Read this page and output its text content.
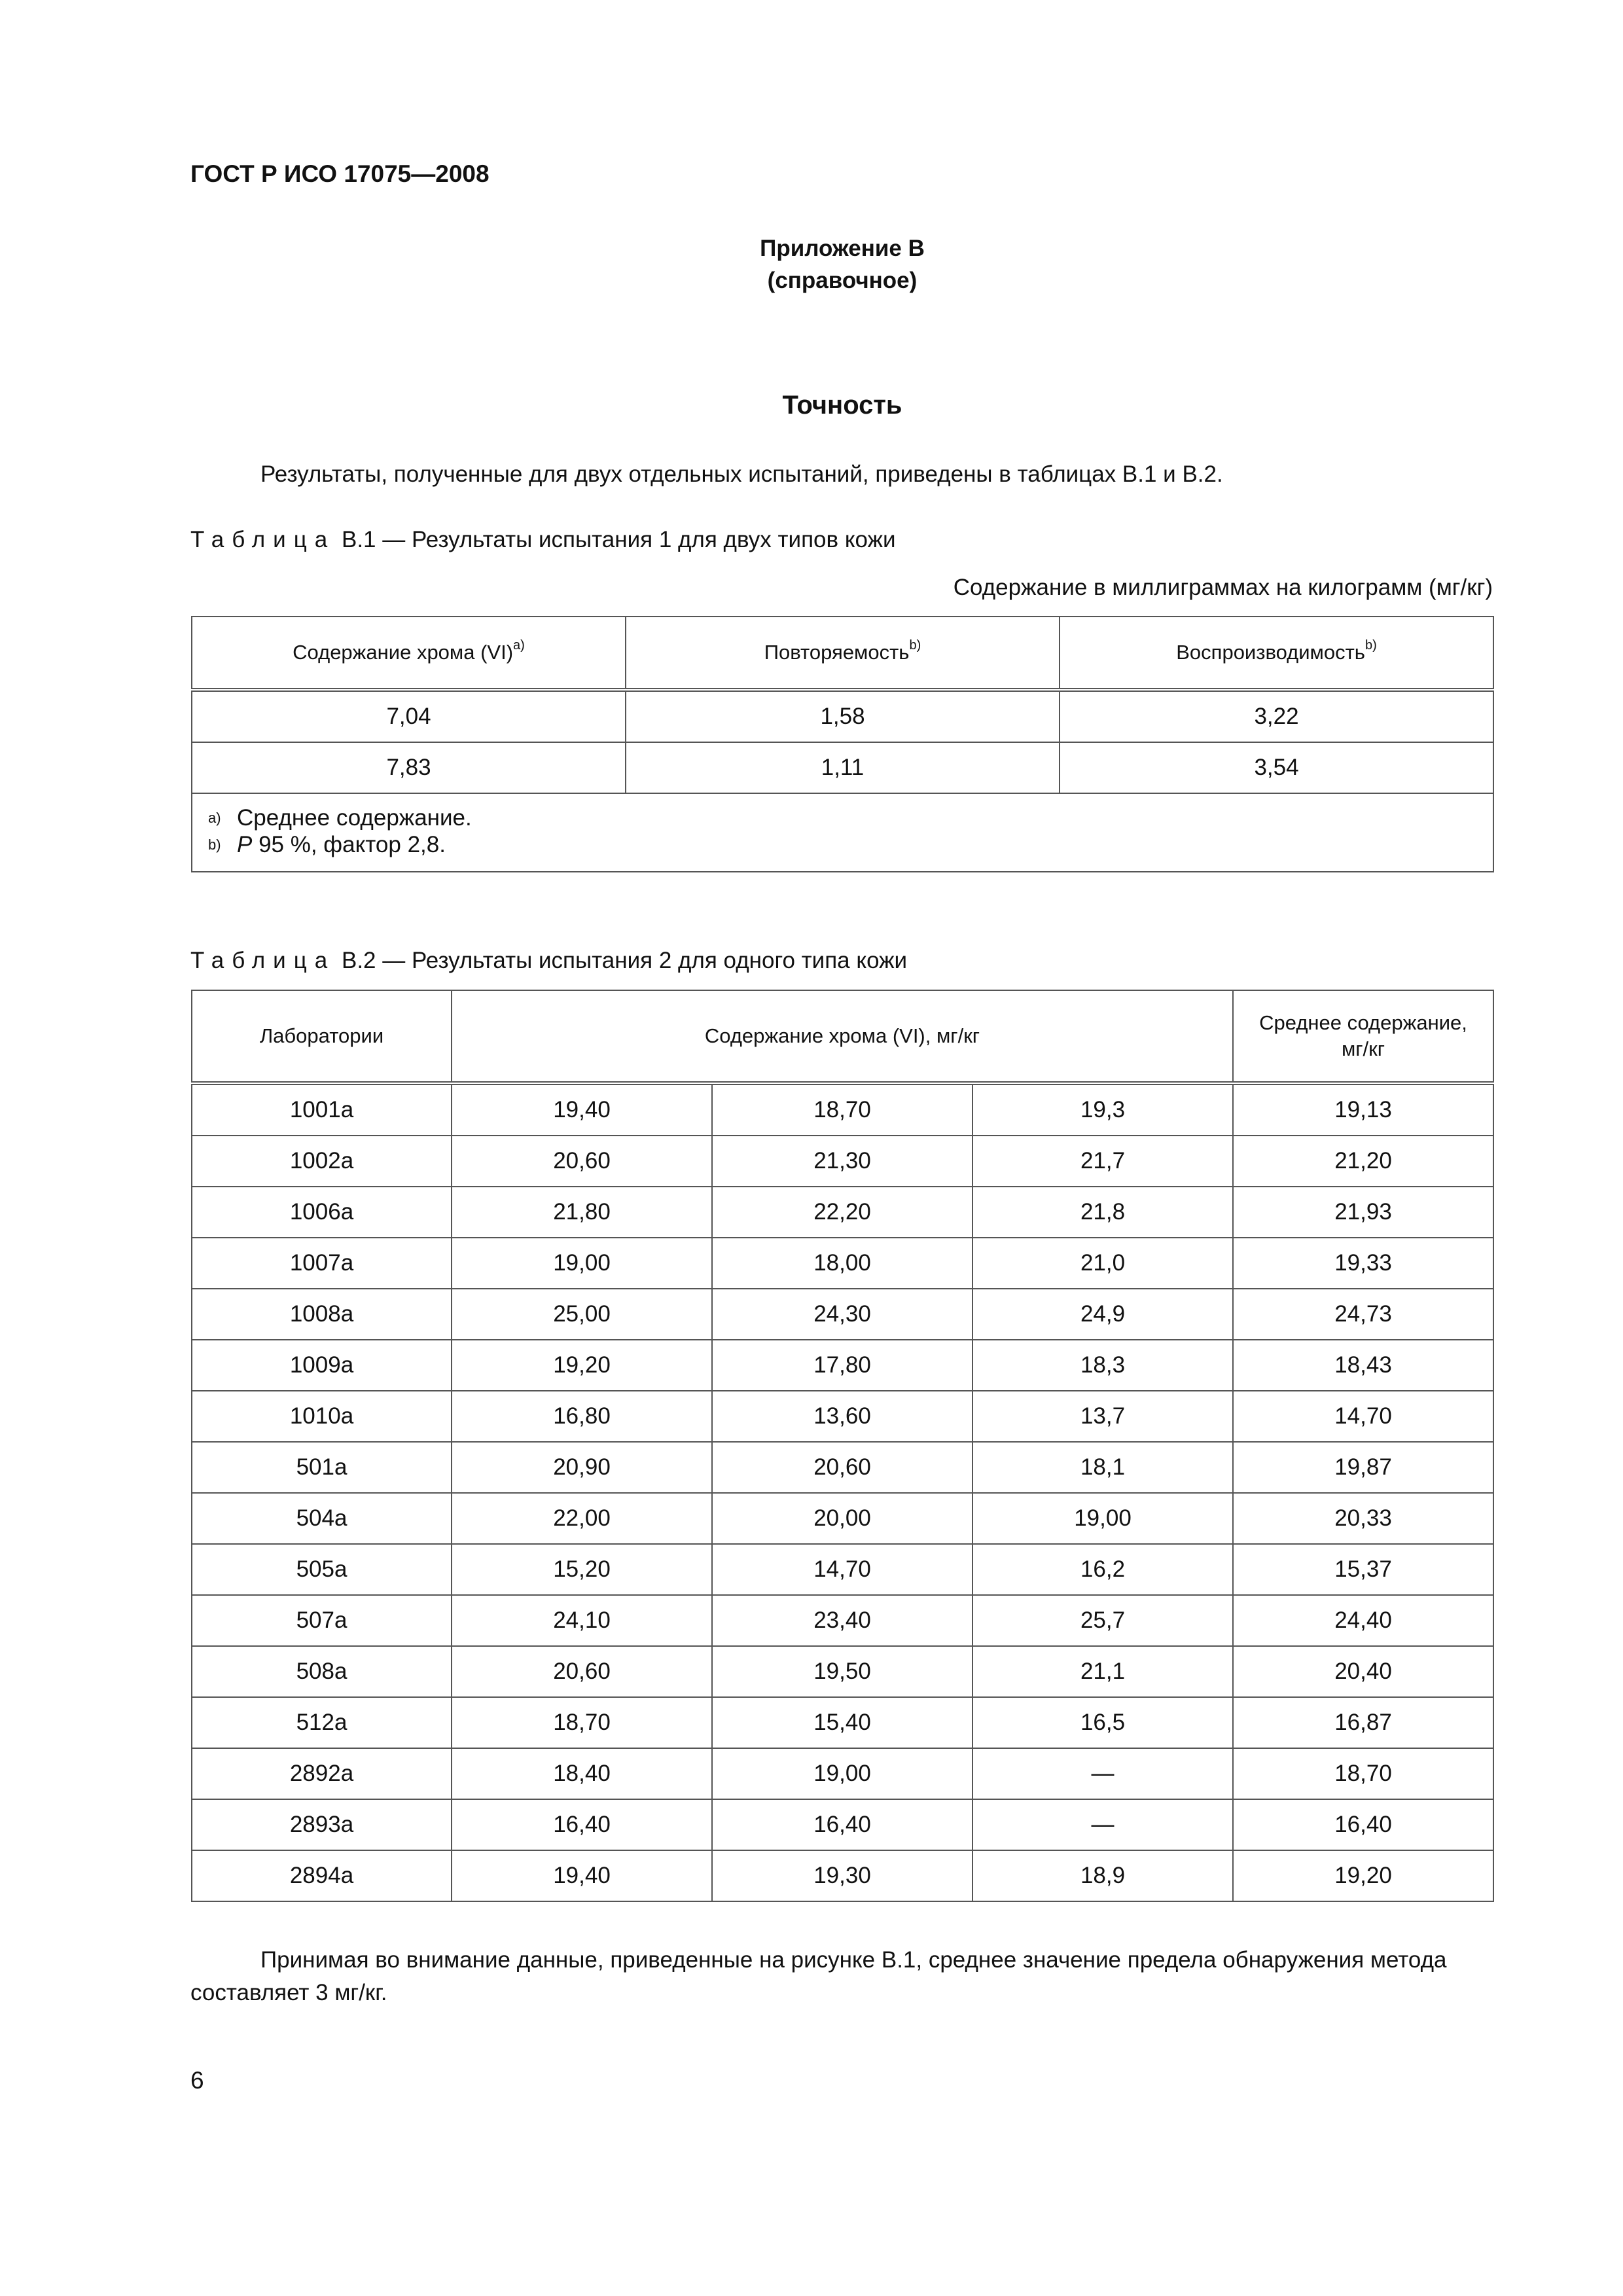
ГОСТ Р ИСО 17075—2008
Приложение В
(справочное)
Точность
Результаты, полученные для двух отдельных испытаний, приведены в таблицах В.1 и В.2.
Таблица В.1 — Результаты испытания 1 для двух типов кожи
Содержание в миллиграммах на килограмм (мг/кг)
Содержание хрома (VI)$^{a)}$	Повторяемость$^{b)}$	Воспроизводимость$^{b)}$
7,04	1,58	3,22
7,83	1,11	3,54

a) Среднее содержание.
b) P 95 %, фактор 2,8.		
Таблица В.2 — Результаты испытания 2 для одного типа кожи
Лаборатории	Содержание хрома (VI), мг/кг			Среднее содержание,
мг/кг
1001a	19,40	18,70	19,3	19,13
1002a	20,60	21,30	21,7	21,20
1006a	21,80	22,20	21,8	21,93
1007a	19,00	18,00	21,0	19,33
1008a	25,00	24,30	24,9	24,73
1009a	19,20	17,80	18,3	18,43
1010a	16,80	13,60	13,7	14,70
501a	20,90	20,60	18,1	19,87
504a	22,00	20,00	19,00	20,33
505a	15,20	14,70	16,2	15,37
507a	24,10	23,40	25,7	24,40
508a	20,60	19,50	21,1	20,40
512a	18,70	15,40	16,5	16,87
2892a	18,40	19,00	—	18,70
2893a	16,40	16,40	—	16,40
2894a	19,40	19,30	18,9	19,20
Принимая во внимание данные, приведенные на рисунке В.1, среднее значение предела обнаружения метода составляет 3 мг/кг.
6
